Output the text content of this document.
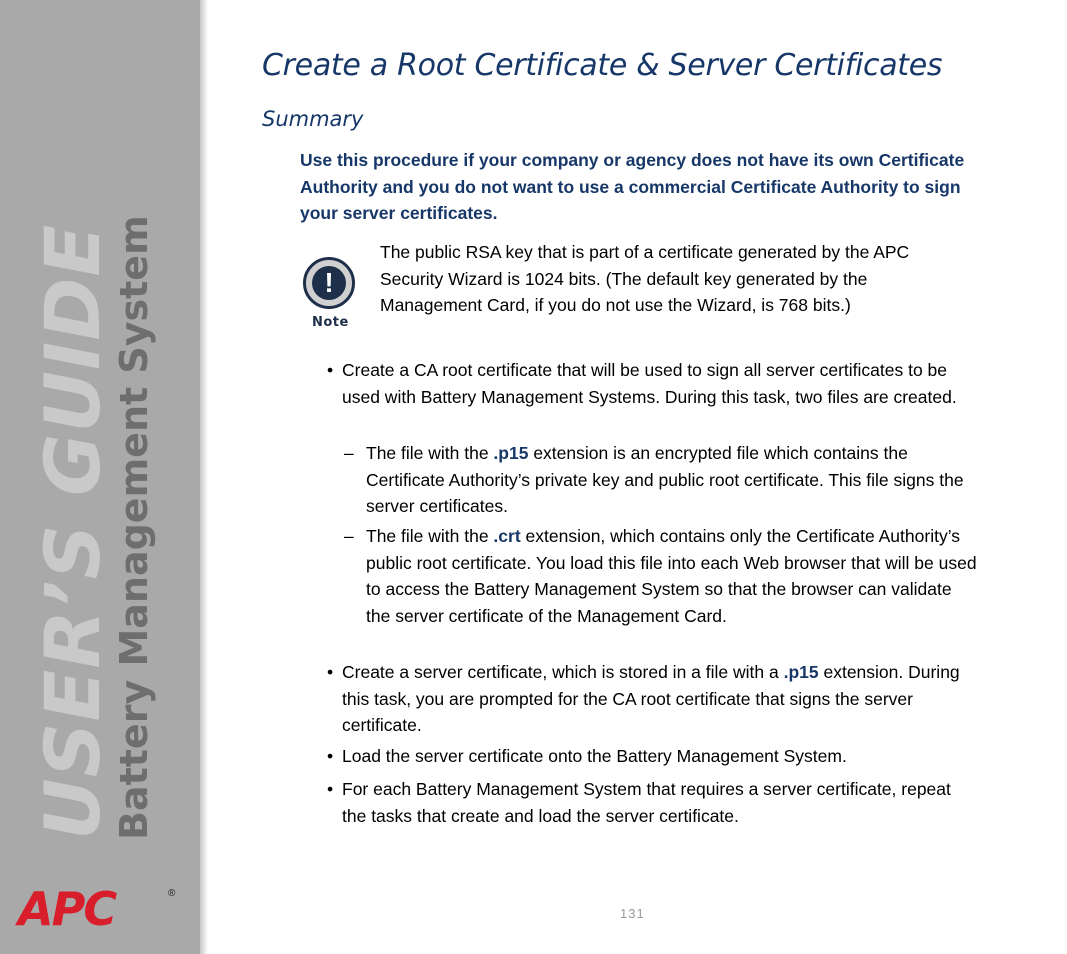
USER’S GUIDE
Battery Management System
APC	®
Create a Root Certificate & Server Certificates
Summary

Use this procedure if your company or agency does not have its own Certificate Authority and you do not want to use a commercial Certificate Authority to sign your server certificates.

!
Note

The public RSA key that is part of a certificate generated by the APC Security Wizard is 1024 bits. (The default key generated by the Management Card, if you do not use the Wizard, is 768 bits.)

• Create a CA root certificate that will be used to sign all server certificates to be used with Battery Management Systems. During this task, two files are created.

– The file with the .p15 extension is an encrypted file which contains the Certificate Authority’s private key and public root certificate. This file signs the server certificates.

– The file with the .crt extension, which contains only the Certificate Authority’s public root certificate. You load this file into each Web browser that will be used to access the Battery Management System so that the browser can validate the server certificate of the Management Card.

• Create a server certificate, which is stored in a file with a .p15 extension. During this task, you are prompted for the CA root certificate that signs the server certificate.

• Load the server certificate onto the Battery Management System.

• For each Battery Management System that requires a server certificate, repeat the tasks that create and load the server certificate.

131
